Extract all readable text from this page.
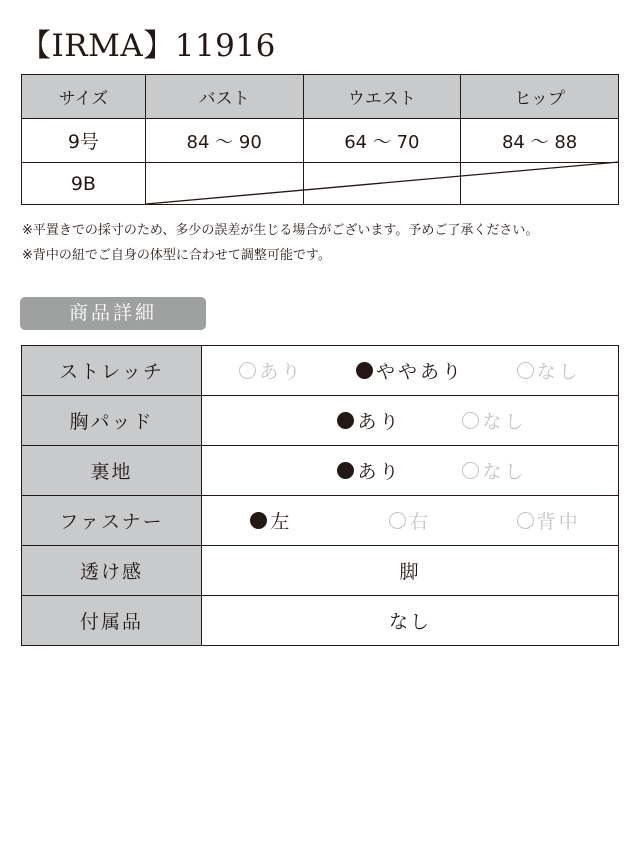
【IRMA】11916
サイズ	バスト	ウエスト	ヒップ
9号	84 〜 90	64 〜 70	84 〜 88
9B			
※平置きでの採寸のため、多少の誤差が生じる場合がございます。予めご了承ください。
※背中の紐でご自身の体型に合わせて調整可能です。
商品詳細
ストレッチ	あり ややあり なし

胸パッド	あり なし

裏地	あり なし

ファスナー	左 右 背中

透け感	脚
付属品	なし
